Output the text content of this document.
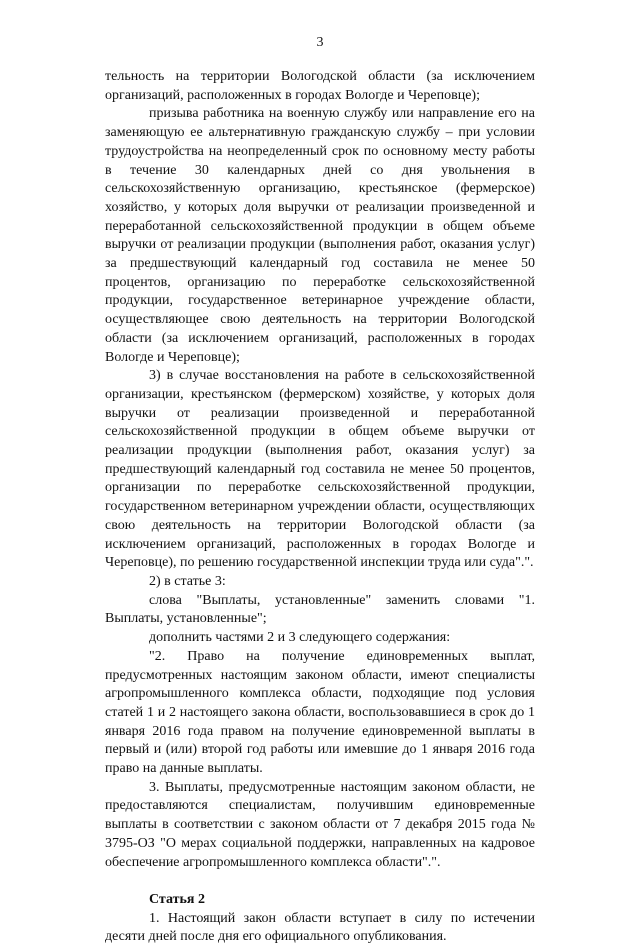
3

тельность на территории Вологодской области (за исключением организаций, расположенных в городах Вологде и Череповце);

призыва работника на военную службу или направление его на заменяющую ее альтернативную гражданскую службу – при условии трудоустройства на неопределенный срок по основному месту работы в течение 30 календарных дней со дня увольнения в сельскохозяйственную организацию, крестьянское (фермерское) хозяйство, у которых доля выручки от реализации произведенной и переработанной сельскохозяйственной продукции в общем объеме выручки от реализации продукции (выполнения работ, оказания услуг) за предшествующий календарный год составила не менее 50 процентов, организацию по переработке сельскохозяйственной продукции, государственное ветеринарное учреждение области, осуществляющее свою деятельность на территории Вологодской области (за исключением организаций, расположенных в городах Вологде и Череповце);

3) в случае восстановления на работе в сельскохозяйственной организации, крестьянском (фермерском) хозяйстве, у которых доля выручки от реализации произведенной и переработанной сельскохозяйственной продукции в общем объеме выручки от реализации продукции (выполнения работ, оказания услуг) за предшествующий календарный год составила не менее 50 процентов, организации по переработке сельскохозяйственной продукции, государственном ветеринарном учреждении области, осуществляющих свою деятельность на территории Вологодской области (за исключением организаций, расположенных в городах Вологде и Череповце), по решению государственной инспекции труда или суда".".

2) в статье 3:

слова "Выплаты, установленные" заменить словами "1. Выплаты, установленные";

дополнить частями 2 и 3 следующего содержания:

"2. Право на получение единовременных выплат, предусмотренных настоящим законом области, имеют специалисты агропромышленного комплекса области, подходящие под условия статей 1 и 2 настоящего закона области, воспользовавшиеся в срок до 1 января 2016 года правом на получение единовременной выплаты в первый и (или) второй год работы или имевшие до 1 января 2016 года право на данные выплаты.

3. Выплаты, предусмотренные настоящим законом области, не предоставляются специалистам, получившим единовременные выплаты в соответствии с законом области от 7 декабря 2015 года № 3795-ОЗ "О мерах социальной поддержки, направленных на кадровое обеспечение агропромышленного комплекса области".".

Статья 2

1. Настоящий закон области вступает в силу по истечении десяти дней после дня его официального опубликования.
